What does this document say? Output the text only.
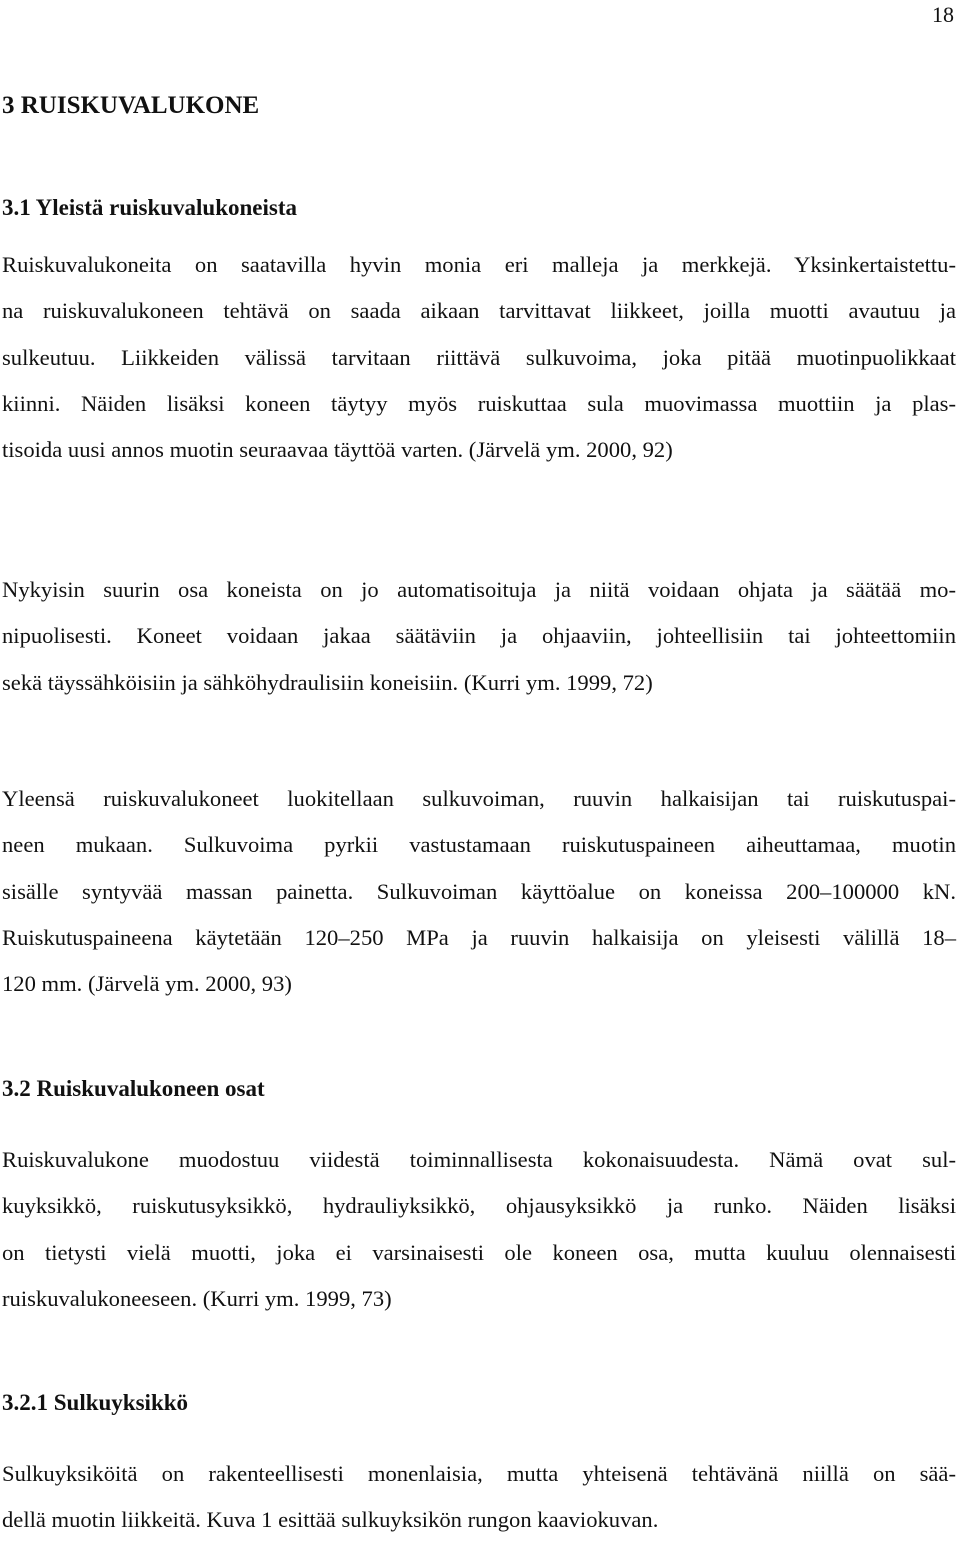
18
3 RUISKUVALUKONE
3.1 Yleistä ruiskuvalukoneista
Ruiskuvalukoneita on saatavilla hyvin monia eri malleja ja merkkejä. Yksinkertaistettu-
na ruiskuvalukoneen tehtävä on saada aikaan tarvittavat liikkeet, joilla muotti avautuu ja
sulkeutuu. Liikkeiden välissä tarvitaan riittävä sulkuvoima, joka pitää muotinpuolikkaat
kiinni. Näiden lisäksi koneen täytyy myös ruiskuttaa sula muovimassa muottiin ja plas-
tisoida uusi annos muotin seuraavaa täyttöä varten. (Järvelä ym. 2000, 92)
Nykyisin suurin osa koneista on jo automatisoituja ja niitä voidaan ohjata ja säätää mo-
nipuolisesti. Koneet voidaan jakaa säätäviin ja ohjaaviin, johteellisiin tai johteettomiin
sekä täyssähköisiin ja sähköhydraulisiin koneisiin. (Kurri ym. 1999, 72)
Yleensä ruiskuvalukoneet luokitellaan sulkuvoiman, ruuvin halkaisijan tai ruiskutuspai-
neen mukaan. Sulkuvoima pyrkii vastustamaan ruiskutuspaineen aiheuttamaa, muotin
sisälle syntyvää massan painetta. Sulkuvoiman käyttöalue on koneissa 200–100000 kN.
Ruiskutuspaineena käytetään 120–250 MPa ja ruuvin halkaisija on yleisesti välillä 18–
120 mm. (Järvelä ym. 2000, 93)
3.2 Ruiskuvalukoneen osat
Ruiskuvalukone muodostuu viidestä toiminnallisesta kokonaisuudesta. Nämä ovat sul-
kuyksikkö, ruiskutusyksikkö, hydrauliyksikkö, ohjausyksikkö ja runko. Näiden lisäksi
on tietysti vielä muotti, joka ei varsinaisesti ole koneen osa, mutta kuuluu olennaisesti
ruiskuvalukoneeseen. (Kurri ym. 1999, 73)
3.2.1 Sulkuyksikkö
Sulkuyksiköitä on rakenteellisesti monenlaisia, mutta yhteisenä tehtävänä niillä on sää-
dellä muotin liikkeitä. Kuva 1 esittää sulkuyksikön rungon kaaviokuvan.
